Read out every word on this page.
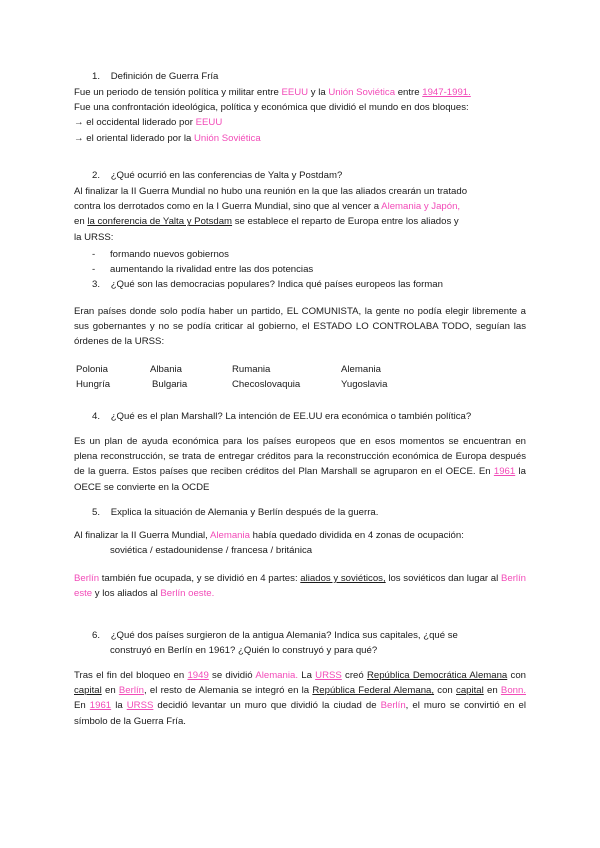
1. Definición de Guerra Fría
Fue un periodo de tensión política y militar entre EEUU y la Unión Soviética entre 1947-1991.
Fue una confrontación ideológica, política y económica que dividió el mundo en dos bloques:
→ el occidental liderado por EEUU
→ el oriental liderado por la Unión Soviética
2. ¿Qué ocurrió en las conferencias de Yalta y Postdam?
Al finalizar la II Guerra Mundial no hubo una reunión en la que las aliados crearán un tratado
contra los derrotados como en la I Guerra Mundial, sino que al vencer a Alemania y Japón,
en la conferencia de Yalta y Potsdam se establece el reparto de Europa entre los aliados y
la URSS:
- formando nuevos gobiernos
- aumentando la rivalidad entre las dos potencias
3. ¿Qué son las democracias populares? Indica qué países europeos las forman
Eran países donde solo podía haber un partido, EL COMUNISTA, la gente no podía elegir libremente a sus gobernantes y no se podía criticar al gobierno, el ESTADO LO CONTROLABA TODO, seguían las órdenes de la URSS:
Polonia	Albania	Rumania	Alemania
Hungría	Bulgaria	Checoslovaquia	Yugoslavia
4. ¿Qué es el plan Marshall? La intención de EE.UU era económica o también política?
Es un plan de ayuda económica para los países europeos que en esos momentos se encuentran en plena reconstrucción, se trata de entregar créditos para la reconstrucción económica de Europa después de la guerra. Estos países que reciben créditos del Plan Marshall se agruparon en el OECE. En 1961 la OECE se convierte en la OCDE
5. Explica la situación de Alemania y Berlín después de la guerra.
Al finalizar la II Guerra Mundial, Alemania había quedado dividida en 4 zonas de ocupación:
soviética / estadounidense / francesa / británica
Berlín también fue ocupada, y se dividió en 4 partes: aliados y soviéticos, los soviéticos dan lugar al Berlín este y los aliados al Berlín oeste.
6. ¿Qué dos países surgieron de la antigua Alemania? Indica sus capitales, ¿qué se
construyó en Berlín en 1961? ¿Quién lo construyó y para qué?
Tras el fin del bloqueo en 1949 se dividió Alemania. La URSS creó República Democrática Alemana con capital en Berlín, el resto de Alemania se integró en la República Federal Alemana, con capital en Bonn. En 1961 la URSS decidió levantar un muro que dividió la ciudad de Berlín, el muro se convirtió en el símbolo de la Guerra Fría.
